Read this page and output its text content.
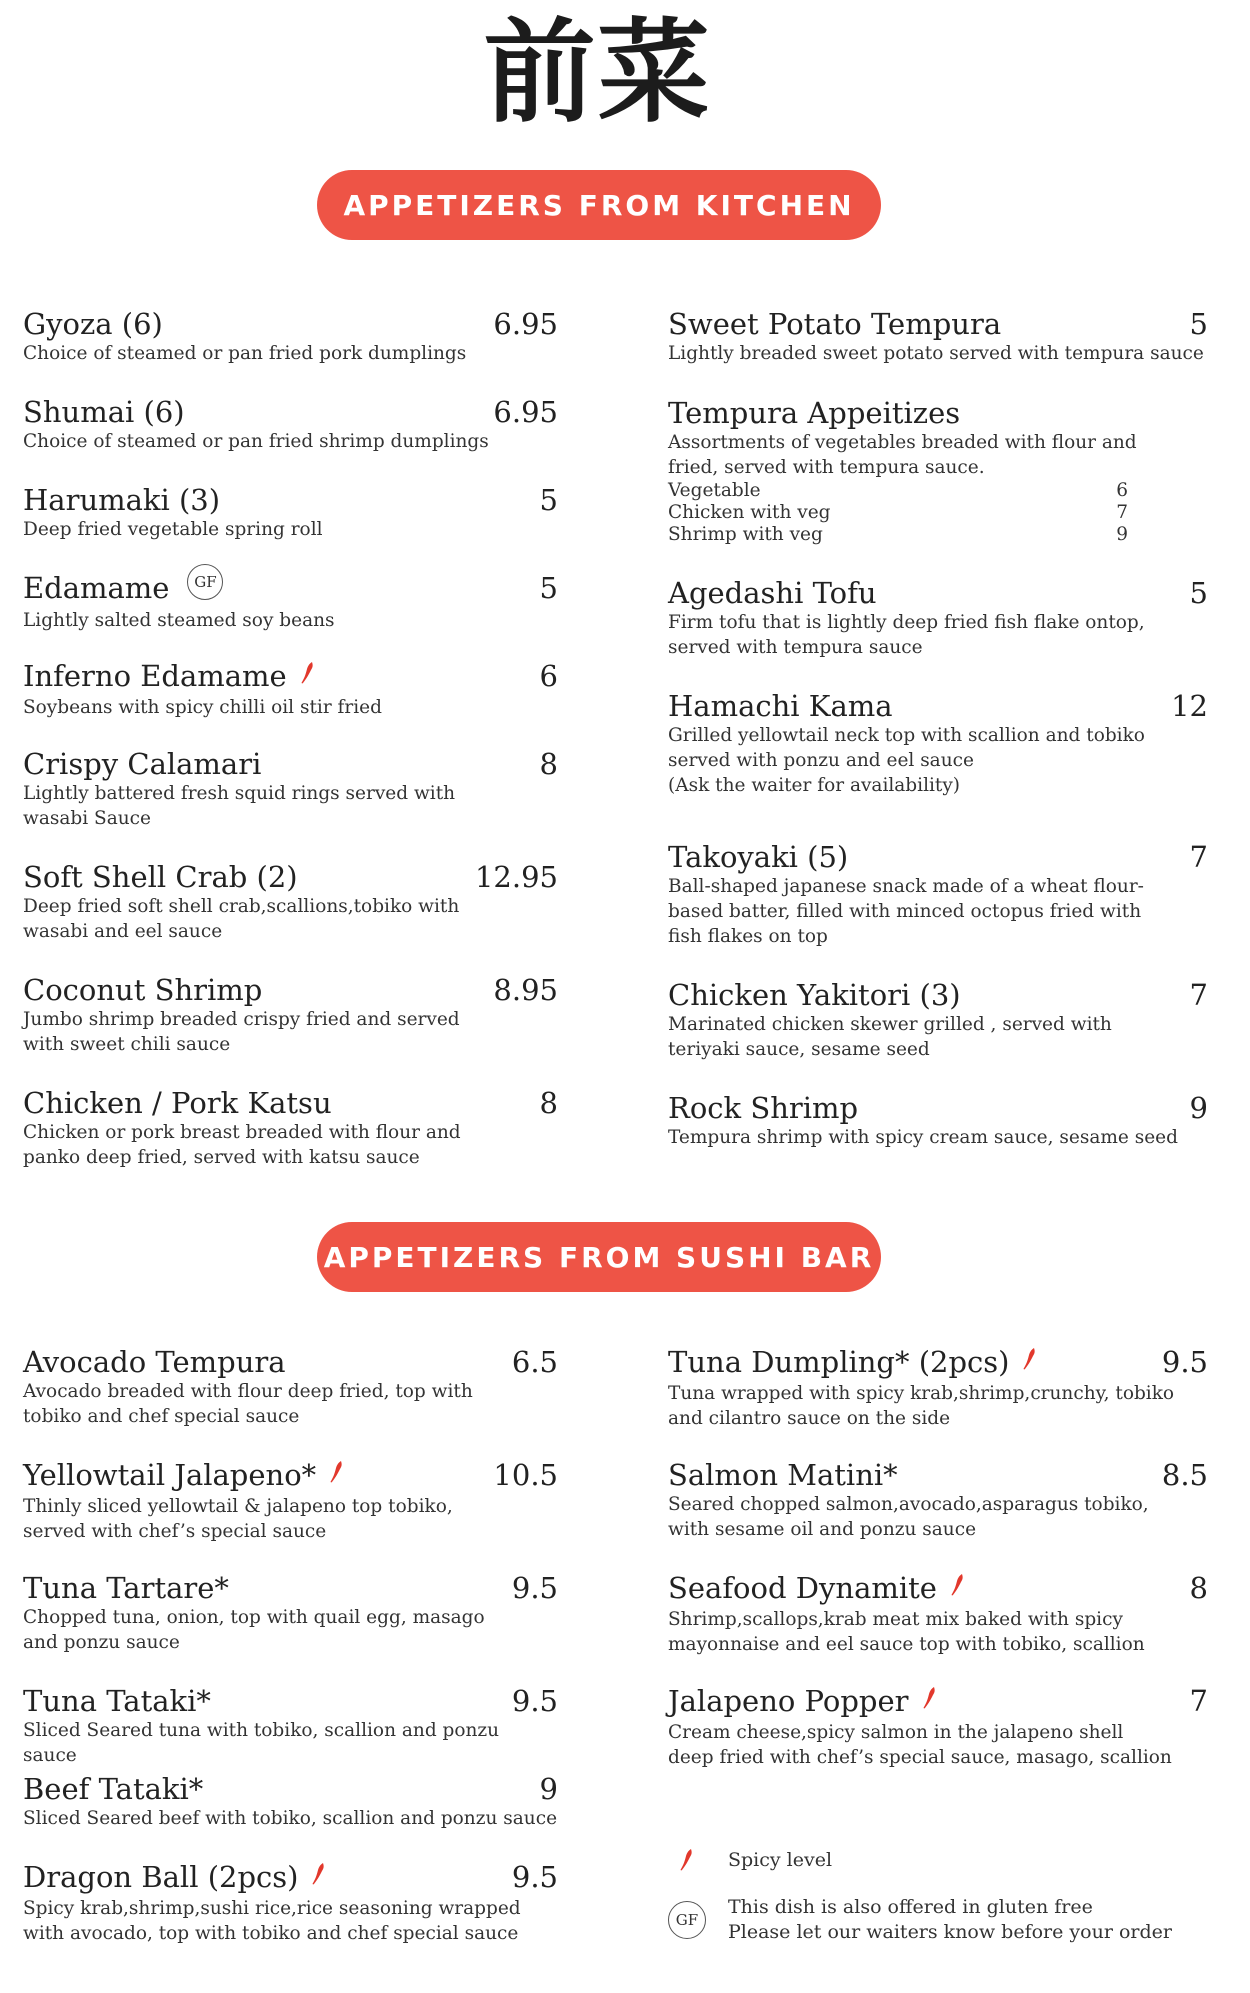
前菜
APPETIZERS FROM KITCHEN
APPETIZERS FROM SUSHI BAR
Gyoza (6)	6.95
Choice of steamed or pan fried pork dumplings
Shumai (6)	6.95
Choice of steamed or pan fried shrimp dumplings
Harumaki (3)	5
Deep fried vegetable spring roll
Edamame GF	5
Lightly salted steamed soy beans
Inferno Edamame	6
Soybeans with spicy chilli oil stir fried
Crispy Calamari	8
Lightly battered fresh squid rings served with
wasabi Sauce
Soft Shell Crab (2)	12.95
Deep fried soft shell crab,scallions,tobiko with
wasabi and eel sauce
Coconut Shrimp	8.95
Jumbo shrimp breaded crispy fried and served
with sweet chili sauce
Chicken / Pork Katsu	8
Chicken or pork breast breaded with flour and
panko deep fried, served with katsu sauce
Sweet Potato Tempura	5
Lightly breaded sweet potato served with tempura sauce
Tempura Appeitizes
Assortments of vegetables breaded with flour and
fried, served with tempura sauce.
Vegetable	6
Chicken with veg	7
Shrimp with veg	9
Agedashi Tofu	5
Firm tofu that is lightly deep fried fish flake ontop,
served with tempura sauce
Hamachi Kama	12
Grilled yellowtail neck top with scallion and tobiko
served with ponzu and eel sauce
(Ask the waiter for availability)
Takoyaki (5)	7
Ball-shaped japanese snack made of a wheat flour-
based batter, filled with minced octopus fried with
fish flakes on top
Chicken Yakitori (3)	7
Marinated chicken skewer grilled , served with
teriyaki sauce, sesame seed
Rock Shrimp	9
Tempura shrimp with spicy cream sauce, sesame seed
Avocado Tempura	6.5
Avocado breaded with flour deep fried, top with
tobiko and chef special sauce
Yellowtail Jalapeno*	10.5
Thinly sliced yellowtail & jalapeno top tobiko,
served with chef’s special sauce
Tuna Tartare*	9.5
Chopped tuna, onion, top with quail egg, masago
and ponzu sauce
Tuna Tataki*	9.5
Sliced Seared tuna with tobiko, scallion and ponzu sauce
Beef Tataki*	9
Sliced Seared beef with tobiko, scallion and ponzu sauce
Dragon Ball (2pcs)	9.5
Spicy krab,shrimp,sushi rice,rice seasoning wrapped
with avocado, top with tobiko and chef special sauce
Tuna Dumpling* (2pcs)	9.5
Tuna wrapped with spicy krab,shrimp,crunchy, tobiko
and cilantro sauce on the side
Salmon Matini*	8.5
Seared chopped salmon,avocado,asparagus tobiko,
with sesame oil and ponzu sauce
Seafood Dynamite	8
Shrimp,scallops,krab meat mix baked with spicy
mayonnaise and eel sauce top with tobiko, scallion
Jalapeno Popper	7
Cream cheese,spicy salmon in the jalapeno shell
deep fried with chef’s special sauce, masago, scallion
Spicy level
GF
This dish is also offered in gluten free
Please let our waiters know before your order
